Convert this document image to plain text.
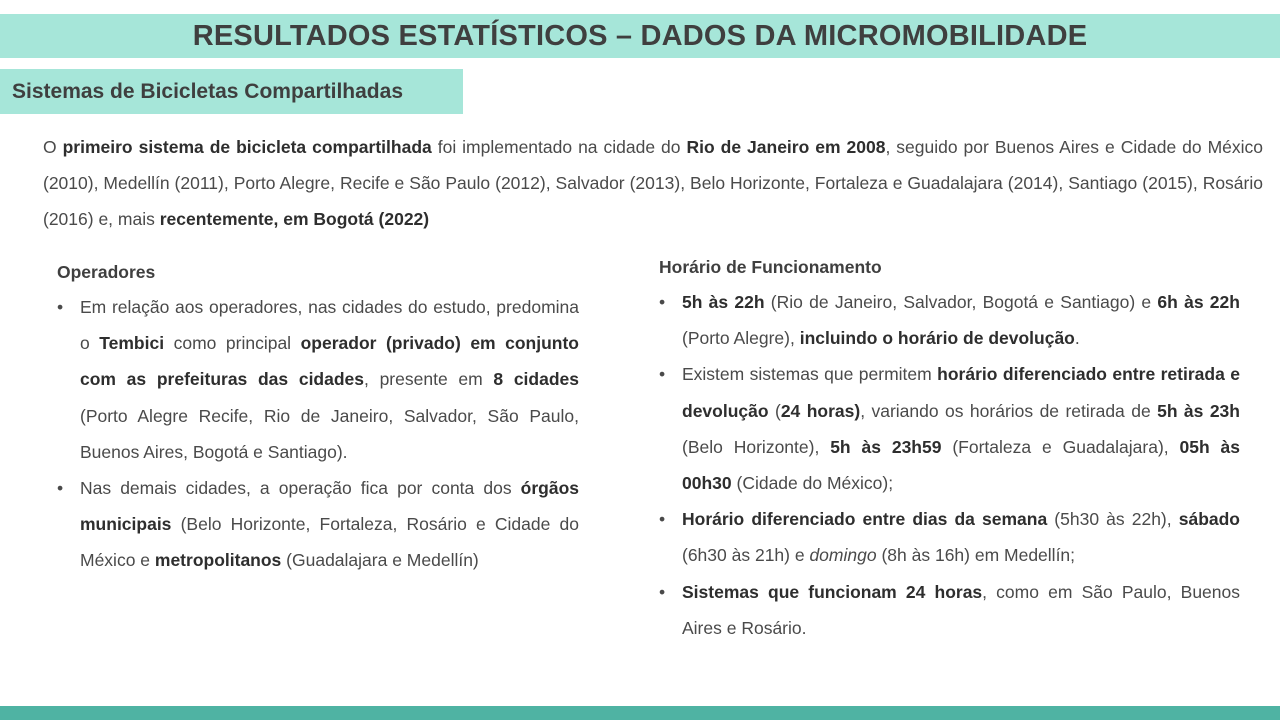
RESULTADOS ESTATÍSTICOS – DADOS DA MICROMOBILIDADE
Sistemas de Bicicletas Compartilhadas

O primeiro sistema de bicicleta compartilhada foi implementado na cidade do Rio de Janeiro em 2008, seguido por Buenos Aires e Cidade do México (2010), Medellín (2011), Porto Alegre, Recife e São Paulo (2012), Salvador (2013), Belo Horizonte, Fortaleza e Guadalajara (2014), Santiago (2015), Rosário (2016) e, mais recentemente, em Bogotá (2022)

Operadores
• Em relação aos operadores, nas cidades do estudo, predomina o Tembici como principal operador (privado) em conjunto com as prefeituras das cidades, presente em 8 cidades (Porto Alegre Recife, Rio de Janeiro, Salvador, São Paulo, Buenos Aires, Bogotá e Santiago).
• Nas demais cidades, a operação fica por conta dos órgãos municipais (Belo Horizonte, Fortaleza, Rosário e Cidade do México e metropolitanos (Guadalajara e Medellín)
Horário de Funcionamento
• 5h às 22h (Rio de Janeiro, Salvador, Bogotá e Santiago) e 6h às 22h (Porto Alegre), incluindo o horário de devolução.
• Existem sistemas que permitem horário diferenciado entre retirada e devolução (24 horas), variando os horários de retirada de 5h às 23h (Belo Horizonte), 5h às 23h59 (Fortaleza e Guadalajara), 05h às 00h30 (Cidade do México);
• Horário diferenciado entre dias da semana (5h30 às 22h), sábado (6h30 às 21h) e domingo (8h às 16h) em Medellín;
• Sistemas que funcionam 24 horas, como em São Paulo, Buenos Aires e Rosário.
